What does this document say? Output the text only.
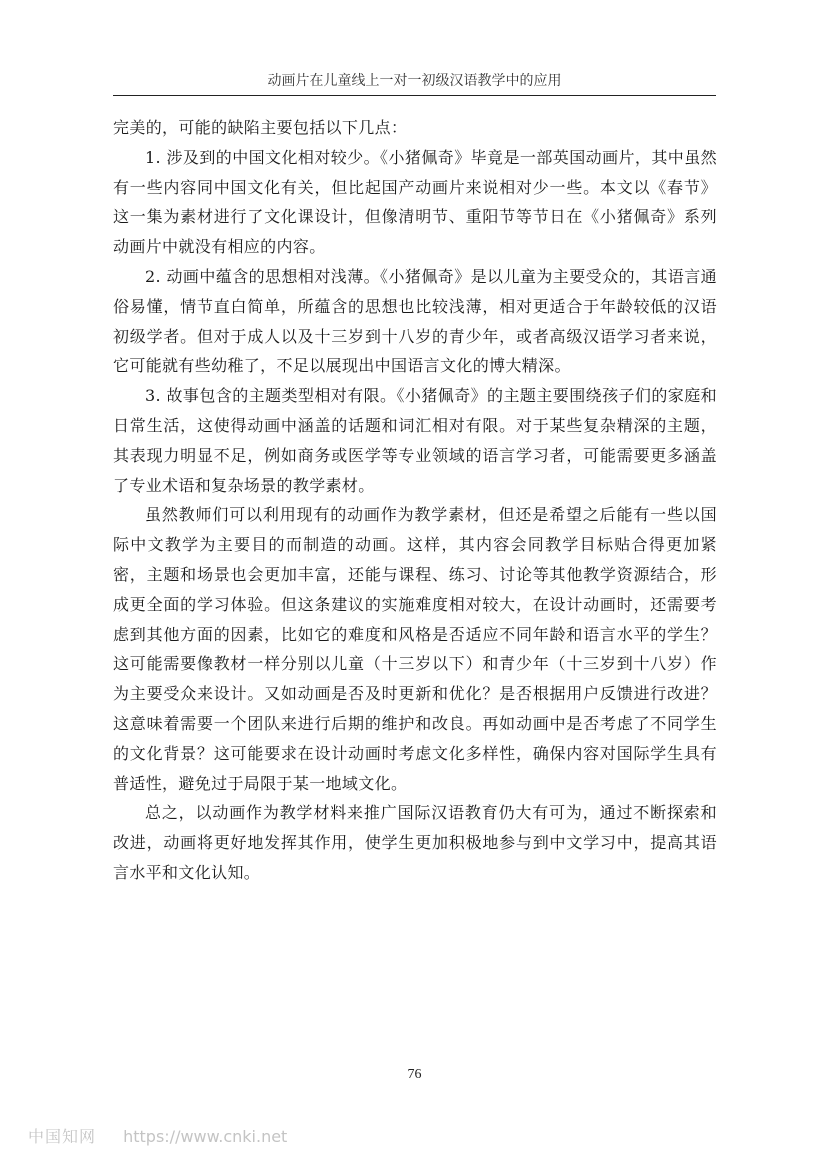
动画片在儿童线上一对一初级汉语教学中的应用

完美的，可能的缺陷主要包括以下几点：

1. 涉及到的中国文化相对较少。《小猪佩奇》毕竟是一部英国动画片，其中虽然有一些内容同中国文化有关，但比起国产动画片来说相对少一些。本文以《春节》这一集为素材进行了文化课设计，但像清明节、重阳节等节日在《小猪佩奇》系列动画片中就没有相应的内容。

2. 动画中蕴含的思想相对浅薄。《小猪佩奇》是以儿童为主要受众的，其语言通俗易懂，情节直白简单，所蕴含的思想也比较浅薄，相对更适合于年龄较低的汉语初级学者。但对于成人以及十三岁到十八岁的青少年，或者高级汉语学习者来说，它可能就有些幼稚了，不足以展现出中国语言文化的博大精深。

3. 故事包含的主题类型相对有限。《小猪佩奇》的主题主要围绕孩子们的家庭和日常生活，这使得动画中涵盖的话题和词汇相对有限。对于某些复杂精深的主题，其表现力明显不足，例如商务或医学等专业领域的语言学习者，可能需要更多涵盖了专业术语和复杂场景的教学素材。

虽然教师们可以利用现有的动画作为教学素材，但还是希望之后能有一些以国际中文教学为主要目的而制造的动画。这样，其内容会同教学目标贴合得更加紧密，主题和场景也会更加丰富，还能与课程、练习、讨论等其他教学资源结合，形成更全面的学习体验。但这条建议的实施难度相对较大，在设计动画时，还需要考虑到其他方面的因素，比如它的难度和风格是否适应不同年龄和语言水平的学生？这可能需要像教材一样分别以儿童（十三岁以下）和青少年（十三岁到十八岁）作为主要受众来设计。又如动画是否及时更新和优化？是否根据用户反馈进行改进？这意味着需要一个团队来进行后期的维护和改良。再如动画中是否考虑了不同学生的文化背景？这可能要求在设计动画时考虑文化多样性，确保内容对国际学生具有普适性，避免过于局限于某一地域文化。

总之，以动画作为教学材料来推广国际汉语教育仍大有可为，通过不断探索和改进，动画将更好地发挥其作用，使学生更加积极地参与到中文学习中，提高其语言水平和文化认知。

76
中国知网 https://www.cnki.net
